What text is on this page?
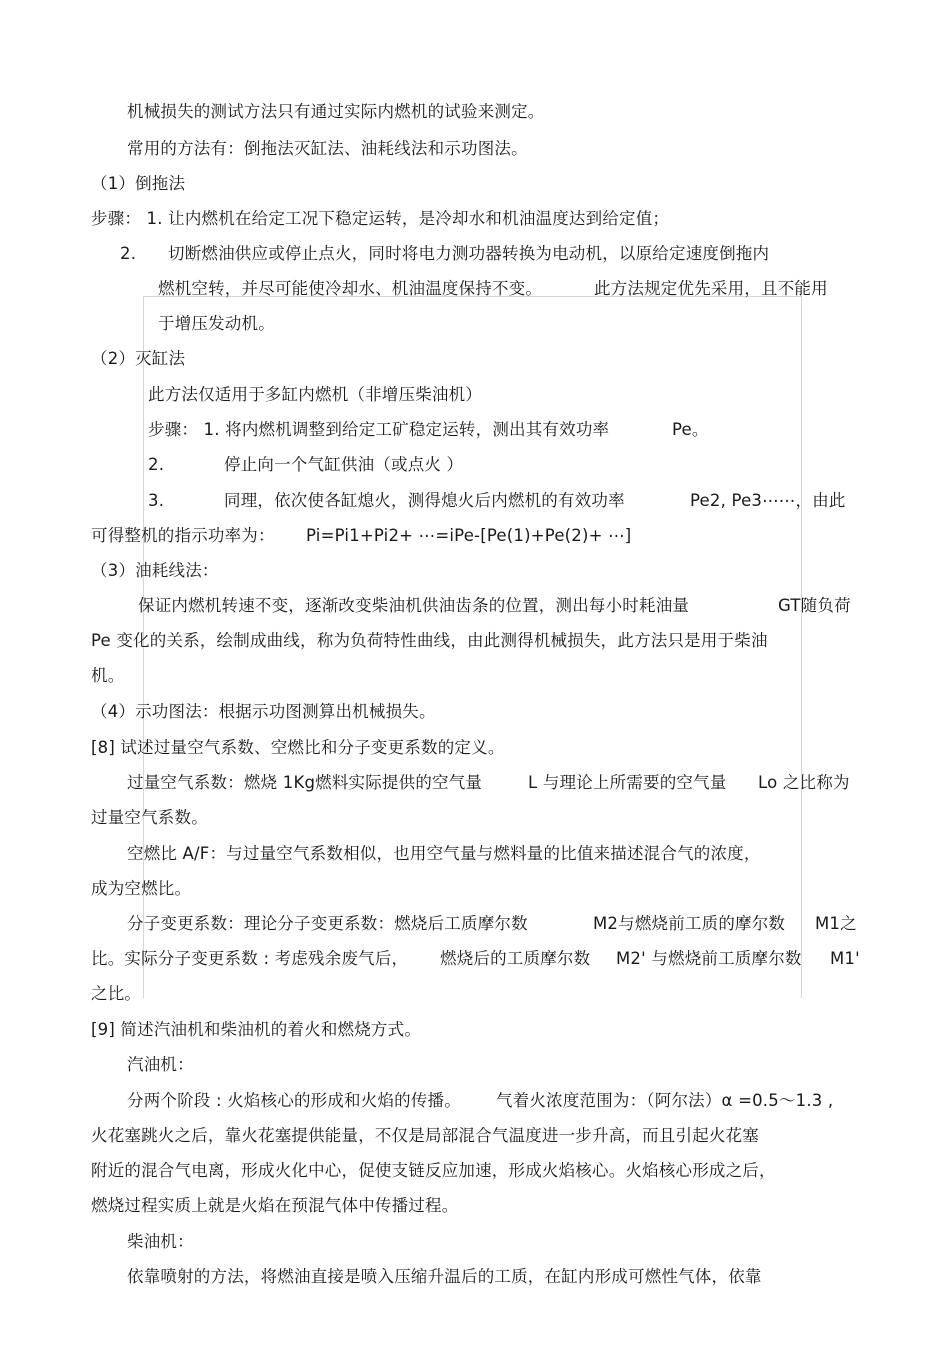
机械损失的测试方法只有通过实际内燃机的试验来测定。
常用的方法有：倒拖法灭缸法、油耗线法和示功图法。
（1）倒拖法
步骤： 1. 让内燃机在给定工况下稳定运转，是冷却水和机油温度达到给定值；
2. 切断燃油供应或停止点火，同时将电力测功器转换为电动机，以原给定速度倒拖内
燃机空转，并尽可能使冷却水、机油温度保持不变。	此方法规定优先采用，且不能用
于增压发动机。
（2）灭缸法
此方法仅适用于多缸内燃机（非增压柴油机）
步骤： 1. 将内燃机调整到给定工矿稳定运转，测出其有效功率	Pe。
2.	停止向一个气缸供油（或点火 ）
3.	同理，依次使各缸熄火，测得熄火后内燃机的有效功率	Pe2, Pe3⋯⋯，由此
可得整机的指示功率为： Pi=Pi1+Pi2+ ⋯=iPe-[Pe(1)+Pe(2)+ ⋯]
（3）油耗线法：
保证内燃机转速不变，逐渐改变柴油机供油齿条的位置，测出每小时耗油量	GT随负荷
Pe 变化的关系，绘制成曲线，称为负荷特性曲线，由此测得机械损失，此方法只是用于柴油
机。
（4）示功图法：根据示功图测算出机械损失。
[8] 试述过量空气系数、空燃比和分子变更系数的定义。
过量空气系数：燃烧 1Kg燃料实际提供的空气量	L 与理论上所需要的空气量 Lo 之比称为
过量空气系数。
空燃比 A/F：与过量空气系数相似，也用空气量与燃料量的比值来描述混合气的浓度，
成为空燃比。
分子变更系数：理论分子变更系数：燃烧后工质摩尔数	M2与燃烧前工质的摩尔数 M1之
比。实际分子变更系数 : 考虑残余废气后， 燃烧后的工质摩尔数 M2' 与燃烧前工质摩尔数 M1'
之比。
[9] 简述汽油机和柴油机的着火和燃烧方式。
汽油机：
分两个阶段 : 火焰核心的形成和火焰的传播。 气着火浓度范围为：（阿尔法）α =0.5～1.3 ,
火花塞跳火之后，靠火花塞提供能量，不仅是局部混合气温度进一步升高，而且引起火花塞
附近的混合气电离，形成火化中心，促使支链反应加速，形成火焰核心。火焰核心形成之后，
燃烧过程实质上就是火焰在预混气体中传播过程。
柴油机：
依靠喷射的方法，将燃油直接是喷入压缩升温后的工质，在缸内形成可燃性气体，依靠
